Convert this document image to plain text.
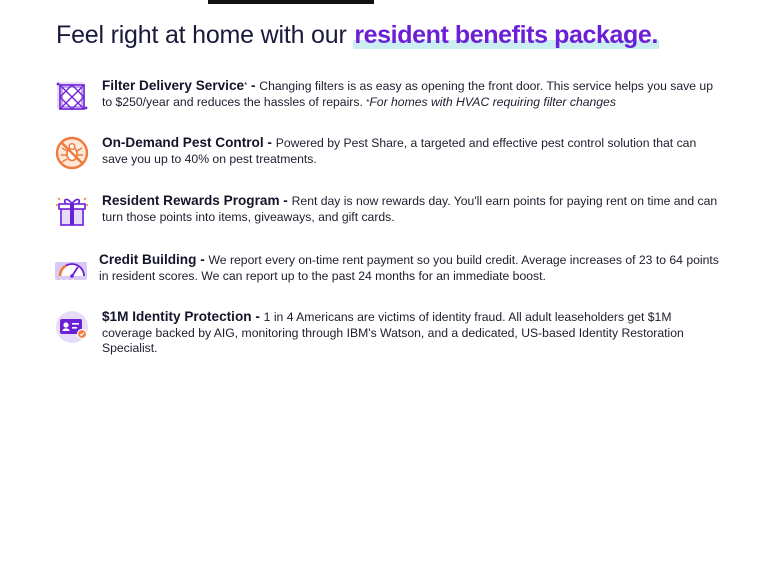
Feel right at home with our resident benefits package.
Filter Delivery Service* - Changing filters is as easy as opening the front door. This service helps you save up to $250/year and reduces the hassles of repairs. *For homes with HVAC requiring filter changes
On-Demand Pest Control - Powered by Pest Share, a targeted and effective pest control solution that can save you up to 40% on pest treatments.
Resident Rewards Program - Rent day is now rewards day. You'll earn points for paying rent on time and can turn those points into items, giveaways, and gift cards.
Credit Building - We report every on-time rent payment so you build credit. Average increases of 23 to 64 points in resident scores. We can report up to the past 24 months for an immediate boost.
$1M Identity Protection - 1 in 4 Americans are victims of identity fraud. All adult leaseholders get $1M coverage backed by AIG, monitoring through IBM's Watson, and a dedicated, US-based Identity Restoration Specialist.
